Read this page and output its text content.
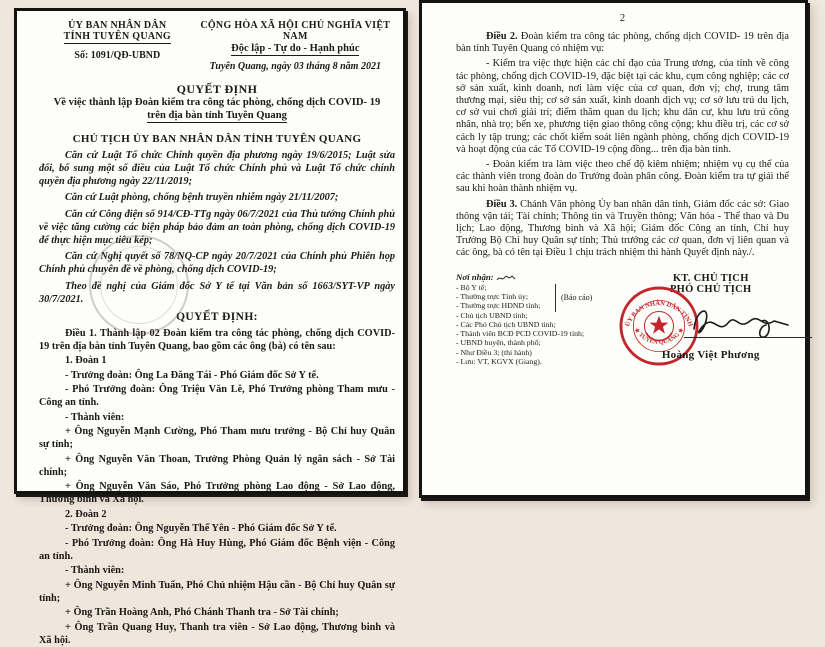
ỦY BAN NHÂN DÂN
TỈNH TUYÊN QUANG
Số: 1091/QĐ-UBND
CỘNG HÒA XÃ HỘI CHỦ NGHĨA VIỆT NAM
Độc lập - Tự do - Hạnh phúc
Tuyên Quang, ngày 03 tháng 8 năm 2021
QUYẾT ĐỊNH
Về việc thành lập Đoàn kiểm tra công tác phòng, chống dịch COVID- 19
trên địa bàn tỉnh Tuyên Quang
CHỦ TỊCH ỦY BAN NHÂN DÂN TỈNH TUYÊN QUANG

Căn cứ Luật Tổ chức Chính quyền địa phương ngày 19/6/2015; Luật sửa đổi, bổ sung một số điều của Luật Tổ chức Chính phủ và Luật Tổ chức chính quyền địa phương ngày 22/11/2019;

Căn cứ Luật phòng, chống bệnh truyền nhiễm ngày 21/11/2007;

Căn cứ Công điện số 914/CĐ-TTg ngày 06/7/2021 của Thủ tướng Chính phủ về việc tăng cường các biện pháp bảo đảm an toàn phòng, chống dịch COVID-19 để thực hiện mục tiêu kép;

Căn cứ Nghị quyết số 78/NQ-CP ngày 20/7/2021 của Chính phủ Phiên họp Chính phủ chuyên đề về phòng, chống dịch COVID-19;

Theo đề nghị của Giám đốc Sở Y tế tại Văn bản số 1663/SYT-VP ngày 30/7/2021.

QUYẾT ĐỊNH:

Điều 1. Thành lập 02 Đoàn kiểm tra công tác phòng, chống dịch COVID-19 trên địa bàn tỉnh Tuyên Quang, bao gồm các ông (bà) có tên sau:

1. Đoàn 1

- Trưởng đoàn: Ông La Đăng Tái - Phó Giám đốc Sở Y tế.

- Phó Trưởng đoàn: Ông Triệu Văn Lê, Phó Trưởng phòng Tham mưu - Công an tỉnh.

- Thành viên:

+ Ông Nguyễn Mạnh Cường, Phó Tham mưu trưởng - Bộ Chỉ huy Quân sự tỉnh;

+ Ông Nguyễn Văn Thoan, Trưởng Phòng Quản lý ngân sách - Sở Tài chính;

+ Ông Nguyễn Văn Sáo, Phó Trưởng phòng Lao động - Sở Lao động, Thương binh và Xã hội.

2. Đoàn 2

- Trưởng đoàn: Ông Nguyễn Thế Yên - Phó Giám đốc Sở Y tế.

- Phó Trưởng đoàn: Ông Hà Huy Hùng, Phó Giám đốc Bệnh viện - Công an tỉnh.

- Thành viên:

+ Ông Nguyễn Minh Tuấn, Phó Chủ nhiệm Hậu cần - Bộ Chỉ huy Quân sự tỉnh;

+ Ông Trần Hoàng Anh, Phó Chánh Thanh tra - Sở Tài chính;

+ Ông Trần Quang Huy, Thanh tra viên - Sở Lao động, Thương binh và Xã hội.

2

Điều 2. Đoàn kiểm tra công tác phòng, chống dịch COVID- 19 trên địa bàn tỉnh Tuyên Quang có nhiệm vụ:

- Kiểm tra việc thực hiện các chỉ đạo của Trung ương, của tỉnh về công tác phòng, chống dịch COVID-19, đặc biệt tại các khu, cụm công nghiệp; các cơ sở sản xuất, kinh doanh, nơi làm việc của cơ quan, đơn vị; chợ, trung tâm thương mại, siêu thị; cơ sở sản xuất, kinh doanh dịch vụ; cơ sở lưu trú du lịch, cơ sở vui chơi giải trí; điểm thăm quan du lịch; khu dân cư, khu lưu trú công nhân, nhà trọ; bến xe, phương tiện giao thông công cộng; khu điều trị, các cơ sở cách ly tập trung; các chốt kiểm soát liên ngành phòng, chống dịch COVID-19 và hoạt động của các Tổ COVID-19 cộng đồng... trên địa bàn tỉnh.

- Đoàn kiểm tra làm việc theo chế độ kiêm nhiệm; nhiệm vụ cụ thể của các thành viên trong đoàn do Trưởng đoàn phân công. Đoàn kiểm tra tự giải thể sau khi hoàn thành nhiệm vụ.

Điều 3. Chánh Văn phòng Ủy ban nhân dân tỉnh, Giám đốc các sở: Giao thông vận tải; Tài chính; Thông tin và Truyền thông; Văn hóa - Thể thao và Du lịch; Lao động, Thương binh và Xã hội; Giám đốc Công an tỉnh, Chỉ huy Trưởng Bộ Chỉ huy Quân sự tỉnh; Thủ trưởng các cơ quan, đơn vị liên quan và các ông, bà có tên tại Điều 1 chịu trách nhiệm thi hành Quyết định này./.

Nơi nhận:
- Bộ Y tế;
- Thường trực Tỉnh ủy;
- Thường trực HĐND tỉnh;
- Chủ tịch UBND tỉnh;
- Các Phó Chủ tịch UBND tỉnh;
- Thành viên BCĐ PCD COVID-19 tỉnh;
- UBND huyện, thành phố;
- Như Điều 3; (thi hành)
- Lưu: VT, KGVX (Giang).
(Báo cáo)
KT. CHỦ TỊCH
PHÓ CHỦ TỊCH
ỦY BAN NHÂN DÂN TỈNH
★ TUYÊN QUANG ★
Hoàng Việt Phương
